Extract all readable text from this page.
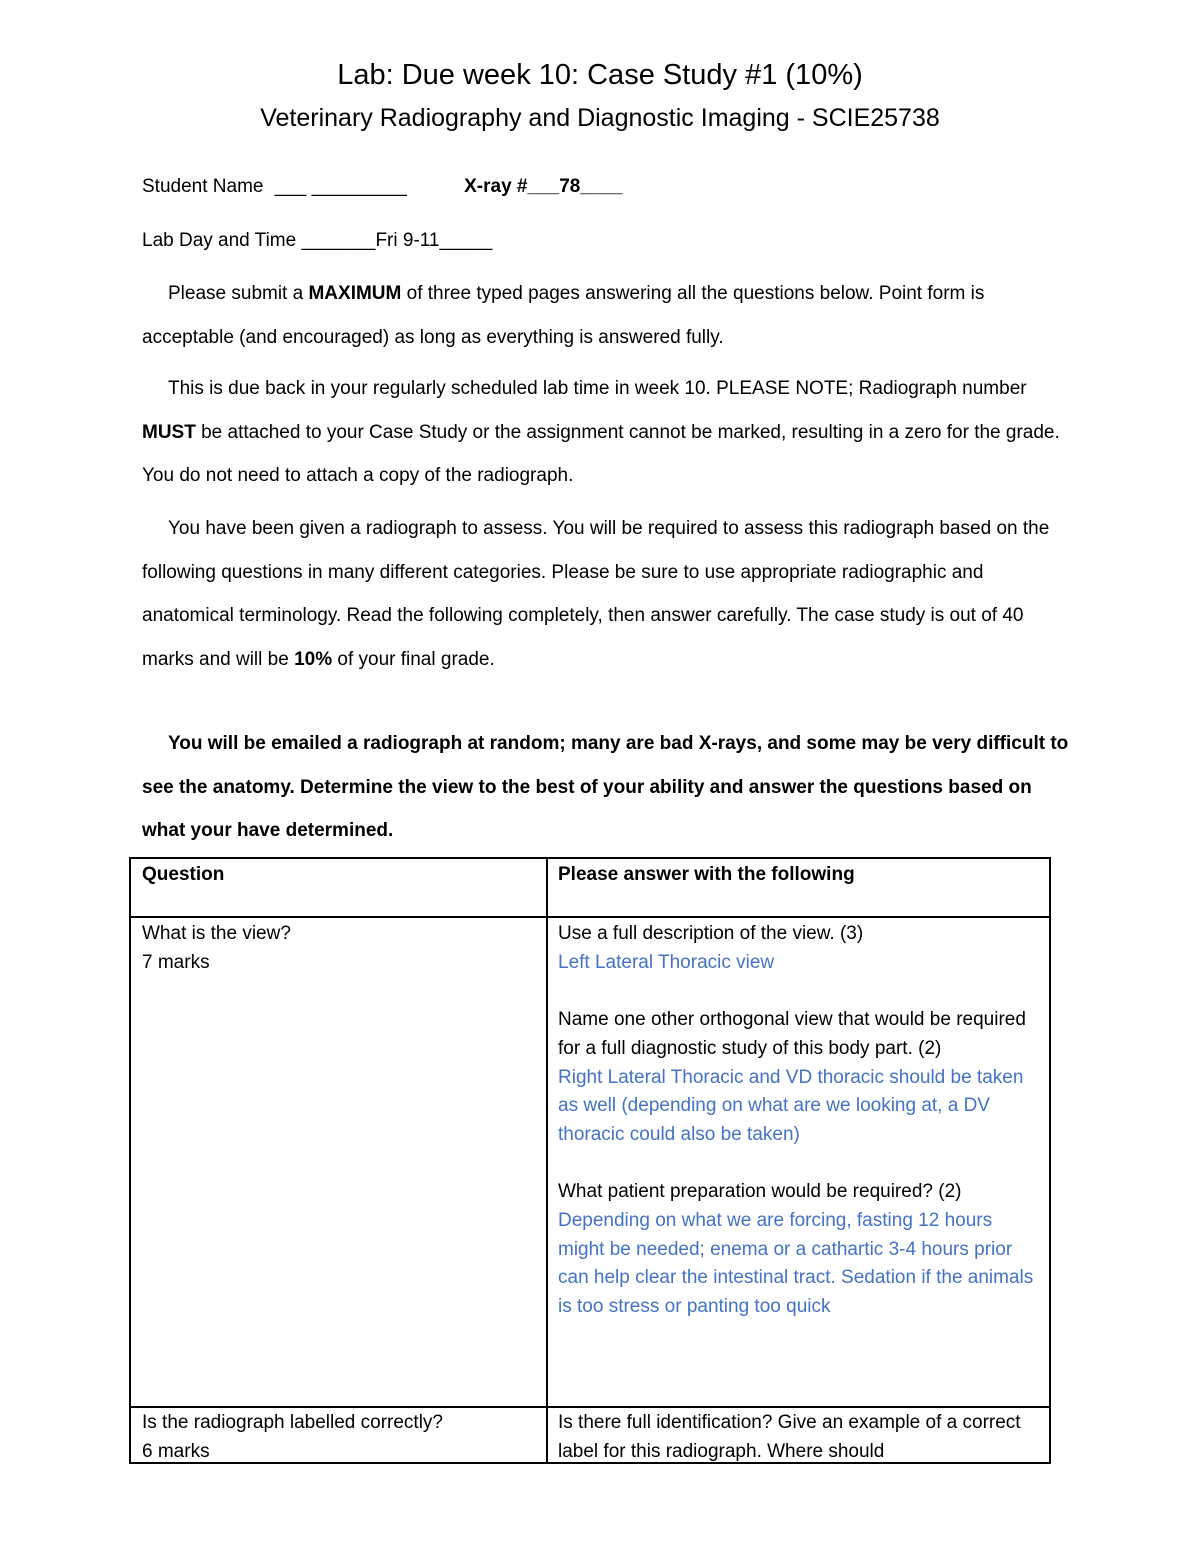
Lab: Due week 10: Case Study #1 (10%)
Veterinary Radiography and Diagnostic Imaging - SCIE25738
Student Name ___ _________	X-ray #___78____
Lab Day and Time _______Fri 9-11_____
Please submit a MAXIMUM of three typed pages answering all the questions below. Point form is acceptable (and encouraged) as long as everything is answered fully.
This is due back in your regularly scheduled lab time in week 10. PLEASE NOTE; Radiograph number MUST be attached to your Case Study or the assignment cannot be marked, resulting in a zero for the grade. You do not need to attach a copy of the radiograph.
You have been given a radiograph to assess. You will be required to assess this radiograph based on the following questions in many different categories. Please be sure to use appropriate radiographic and anatomical terminology. Read the following completely, then answer carefully. The case study is out of 40 marks and will be 10% of your final grade.
You will be emailed a radiograph at random; many are bad X-rays, and some may be very difficult to see the anatomy. Determine the view to the best of your ability and answer the questions based on what your have determined.
Question	Please answer with the following
What is the view?
7 marks
Use a full description of the view. (3)
Left Lateral Thoracic view
Name one other orthogonal view that would be required for a full diagnostic study of this body part. (2)
Right Lateral Thoracic and VD thoracic should be taken as well (depending on what are we looking at, a DV thoracic could also be taken)
What patient preparation would be required? (2)
Depending on what we are forcing, fasting 12 hours might be needed; enema or a cathartic 3-4 hours prior can help clear the intestinal tract. Sedation if the animals is too stress or panting too quick
Is the radiograph labelled correctly?
6 marks
Is there full identification? Give an example of a correct label for this radiograph. Where should
